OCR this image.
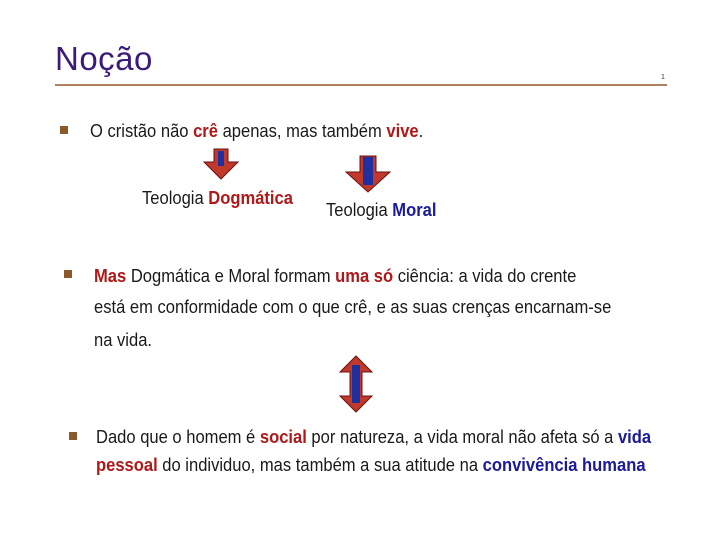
Noção
1
O cristão não crê apenas, mas também vive.
Teologia Dogmática
Teologia Moral
Mas Dogmática e Moral formam uma só ciência: a vida do crente
está em conformidade com o que crê, e as suas crenças encarnam-se
na vida.
Dado que o homem é social por natureza, a vida moral não afeta só a vida
pessoal do individuo, mas também a sua atitude na convivência humana
